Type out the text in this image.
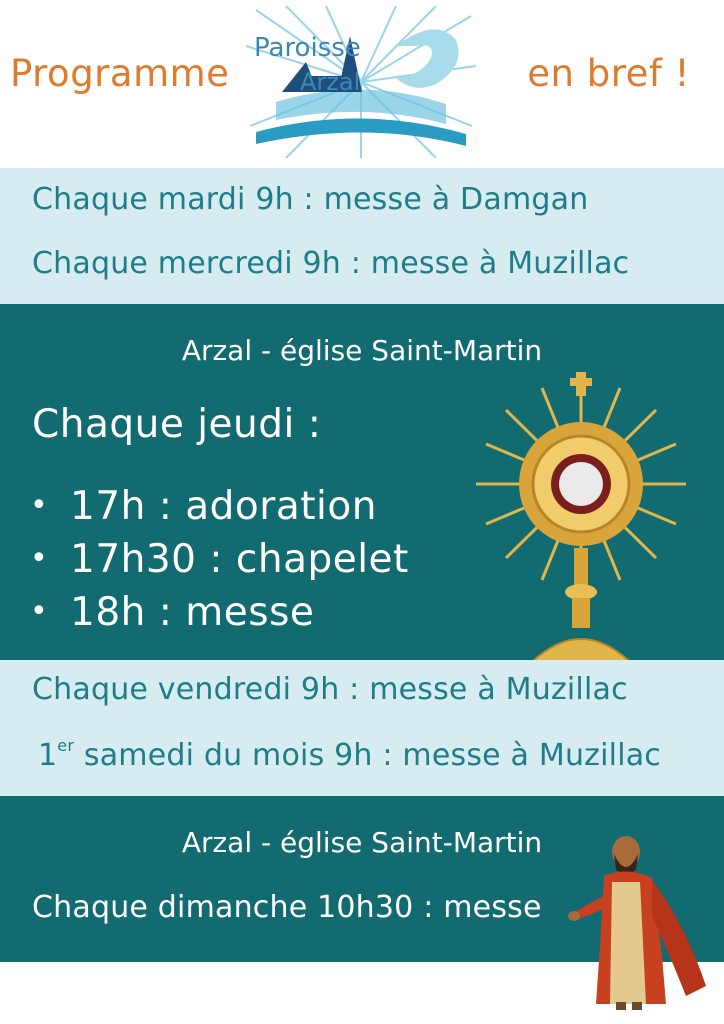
Programme
Paroisse
Arzal	en bref !
Chaque mardi 9h : messe à Damgan
Chaque mercredi 9h : messe à Muzillac
Arzal - église Saint-Martin
Chaque jeudi :
• 17h : adoration
• 17h30 : chapelet
• 18h : messe
Chaque vendredi 9h : messe à Muzillac
1er samedi du mois 9h : messe à Muzillac
Arzal - église Saint-Martin
Chaque dimanche 10h30 : messe
